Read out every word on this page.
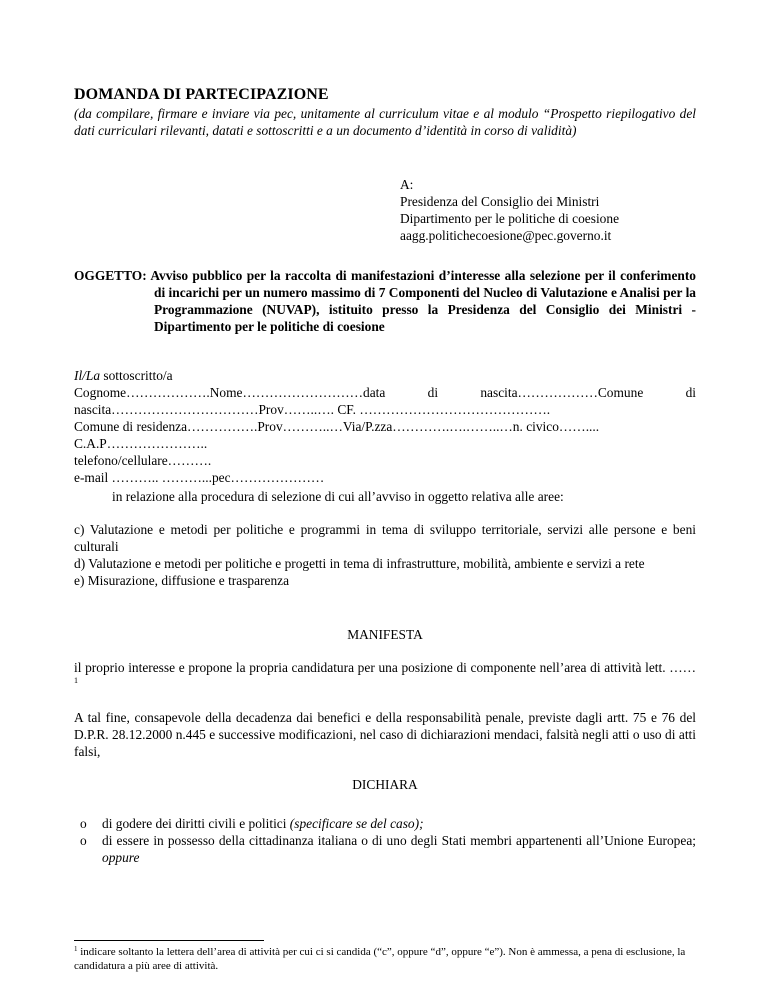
DOMANDA DI PARTECIPAZIONE
(da compilare, firmare e inviare via pec, unitamente al curriculum vitae e al modulo “Prospetto riepilogativo del dati curriculari rilevanti, datati e sottoscritti e a un documento d’identità in corso di validità)
A:
Presidenza del Consiglio dei Ministri
Dipartimento per le politiche di coesione
aagg.politichecoesione@pec.governo.it
OGGETTO: Avviso pubblico per la raccolta di manifestazioni d’interesse alla selezione per il conferimento di incarichi per un numero massimo di 7 Componenti del Nucleo di Valutazione e Analisi per la Programmazione (NUVAP), istituito presso la Presidenza del Consiglio dei Ministri - Dipartimento per le politiche di coesione
Il/La sottoscritto/a
Cognome……………….Nome………………………data	di	nascita………………Comune	di
nascita……………………………Prov……..…. CF. …………………………………….
Comune di residenza…………….Prov………..…Via/P.zza………….….……..…n. civico……....
C.A.P…………………..
telefono/cellulare……….
e-mail ……….. ………...pec…………………
in relazione alla procedura di selezione di cui all’avviso in oggetto relativa alle aree:
c) Valutazione e metodi per politiche e programmi in tema di sviluppo territoriale, servizi alle persone e beni culturali
d) Valutazione e metodi per politiche e progetti in tema di infrastrutture, mobilità, ambiente e servizi a rete
e) Misurazione, diffusione e trasparenza
MANIFESTA
il proprio interesse e propone la propria candidatura per una posizione di componente nell’area di attività lett. …… $^1$
A tal fine, consapevole della decadenza dai benefici e della responsabilità penale, previste dagli artt. 75 e 76 del D.P.R. 28.12.2000 n.445 e successive modificazioni, nel caso di dichiarazioni mendaci, falsità negli atti o uso di atti falsi,
DICHIARA
o di godere dei diritti civili e politici (specificare se del caso);
o di essere in possesso della cittadinanza italiana o di uno degli Stati membri appartenenti all’Unione Europea; oppure
$^1$ indicare soltanto la lettera dell’area di attività per cui ci si candida (“c”, oppure “d”, oppure “e”). Non è ammessa, a pena di esclusione, la candidatura a più aree di attività.
